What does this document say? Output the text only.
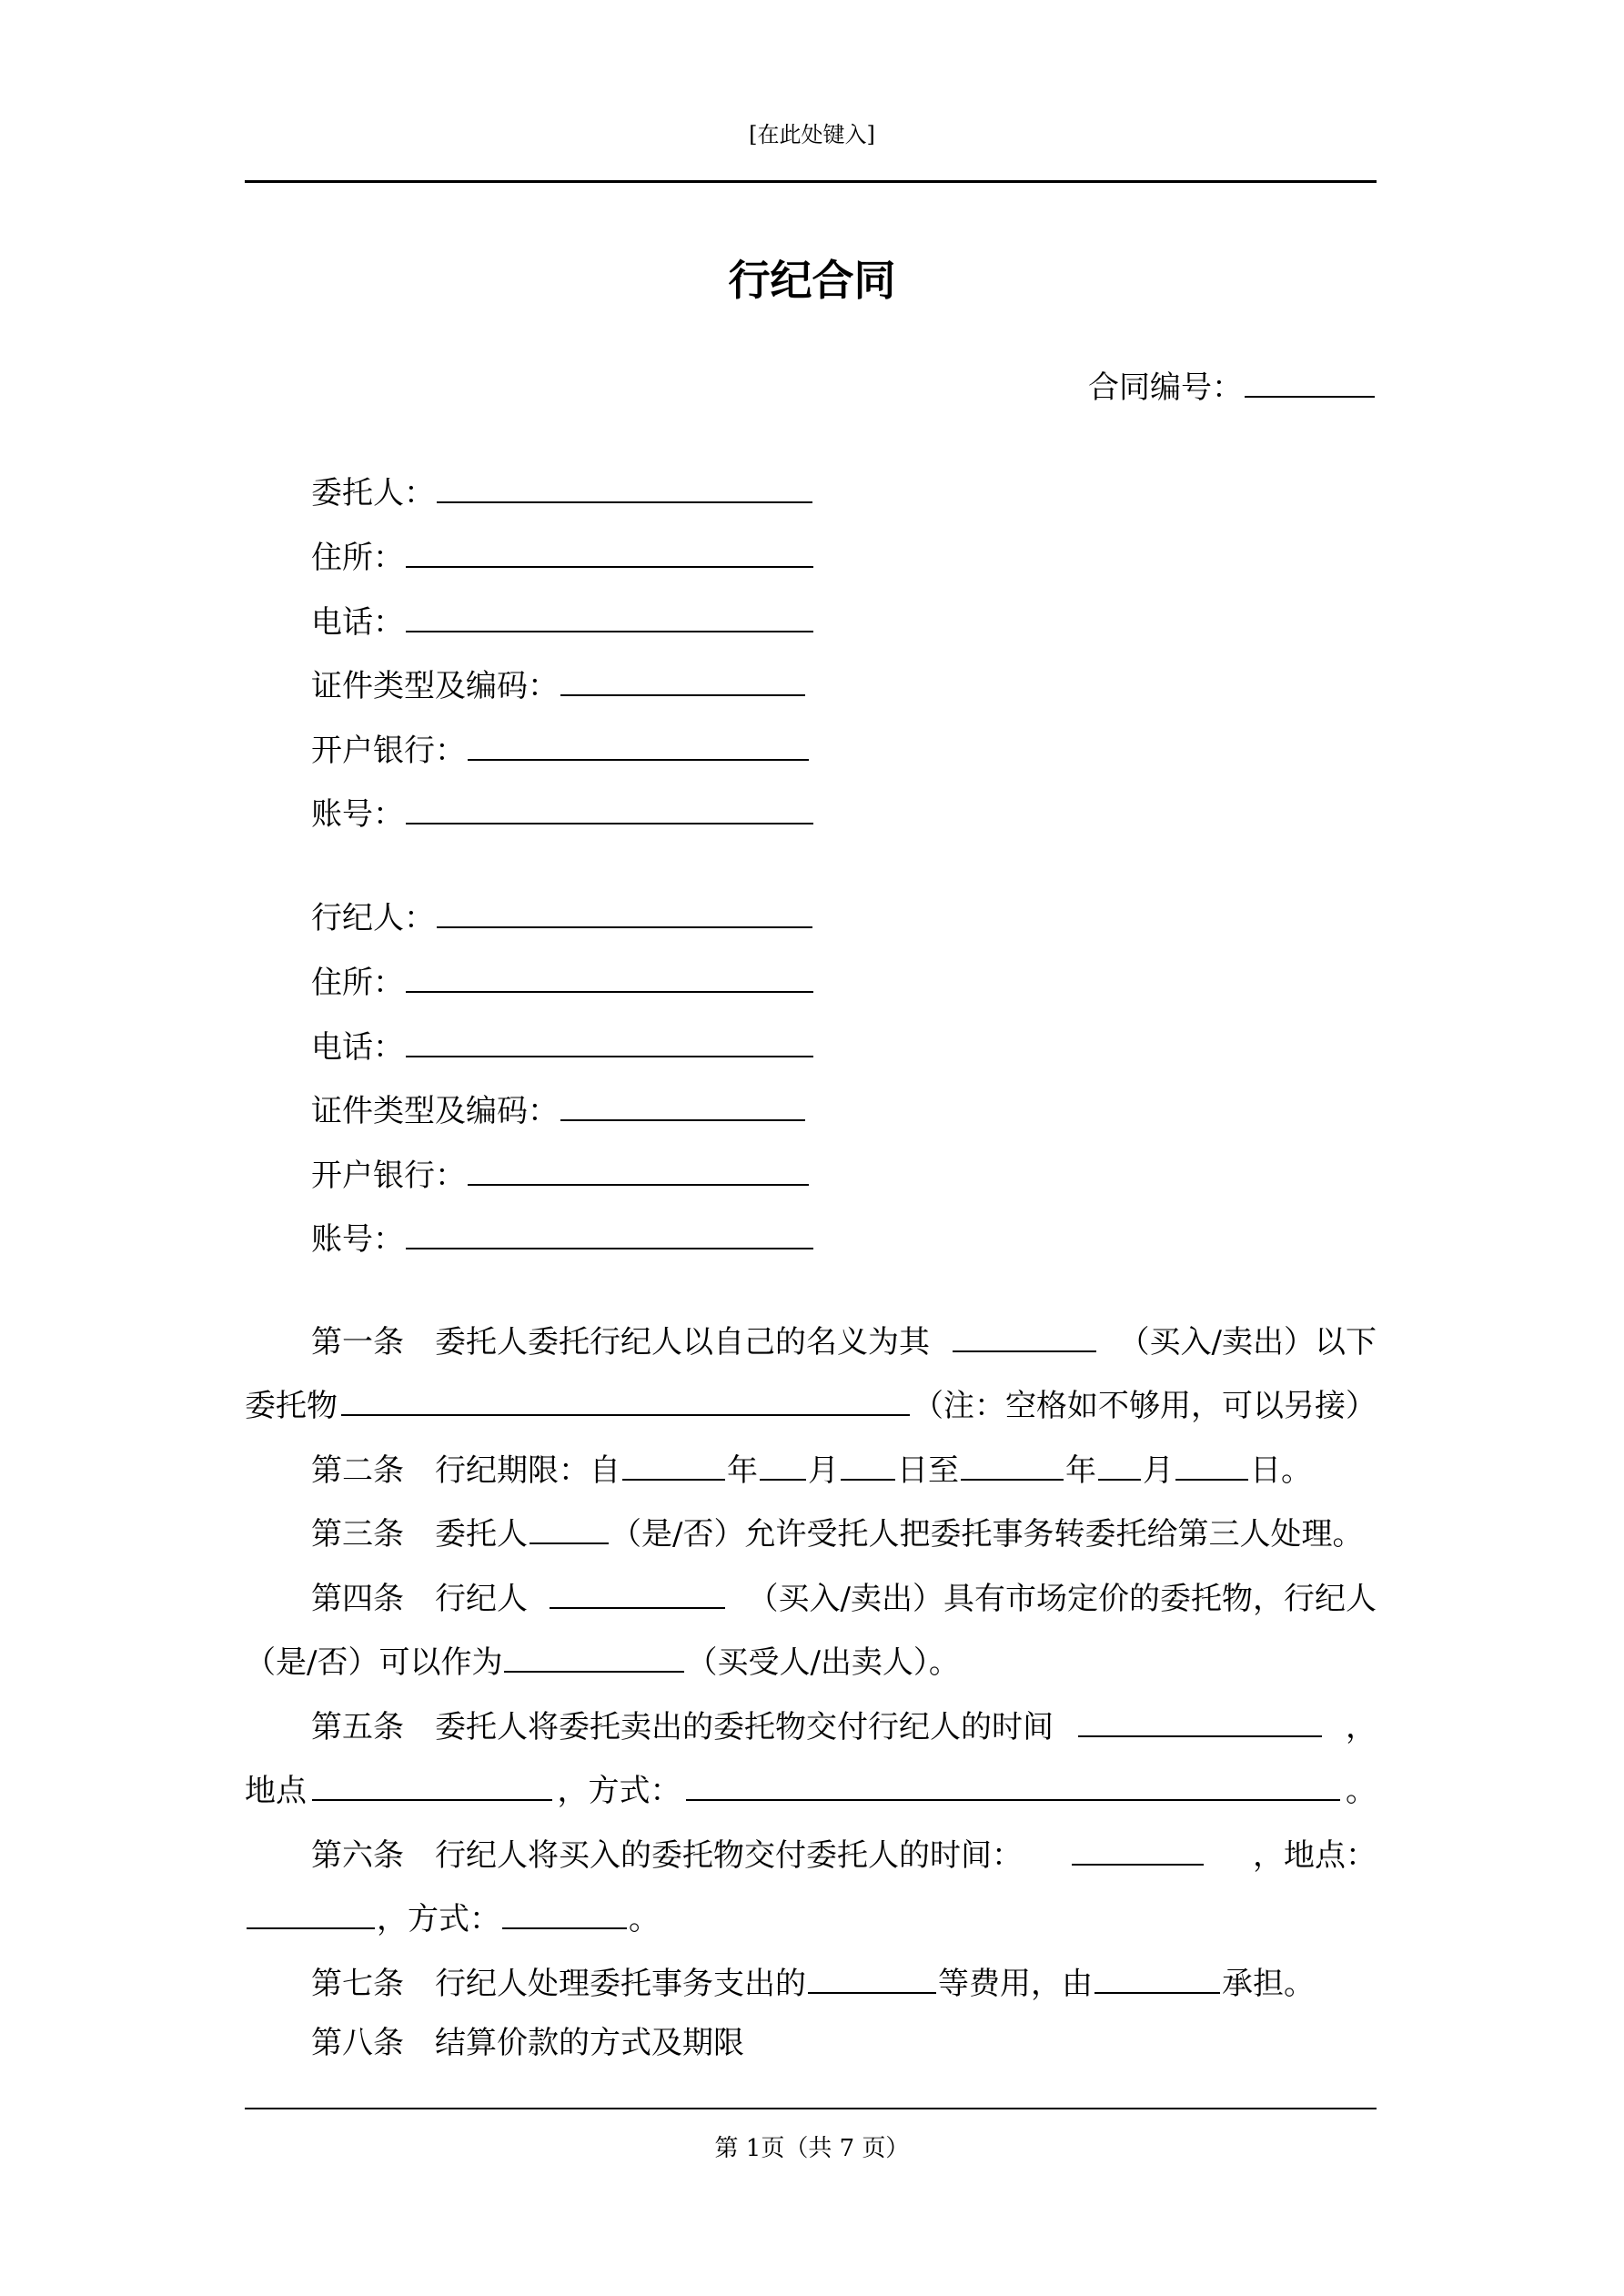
[在此处键入]
行纪合同
合同编号：
委托人：
住所：
电话：
证件类型及编码：
开户银行：
账号：
行纪人：
住所：
电话：
证件类型及编码：
开户银行：
账号：
第一条　委托人委托行纪人以自己的名义为其	（买入/卖出）以下
委托物	（注：空格如不够用，可以另接）
第二条　行纪期限：自	年 月 日至	年 月 日。
第三条　委托人	（是/否）允许受托人把委托事务转委托给第三人处理。
第四条　行纪人	（买入/卖出）具有市场定价的委托物，行纪人
（是/否）可以作为	（买受人/出卖人）。
第五条　委托人将委托卖出的委托物交付行纪人的时间	，
地点	，方式：	。
第六条　行纪人将买入的委托物交付委托人的时间：	，地点：
，方式：	。
第七条　行纪人处理委托事务支出的	等费用，由	承担。
第八条　结算价款的方式及期限
第 1页（共 7 页）
